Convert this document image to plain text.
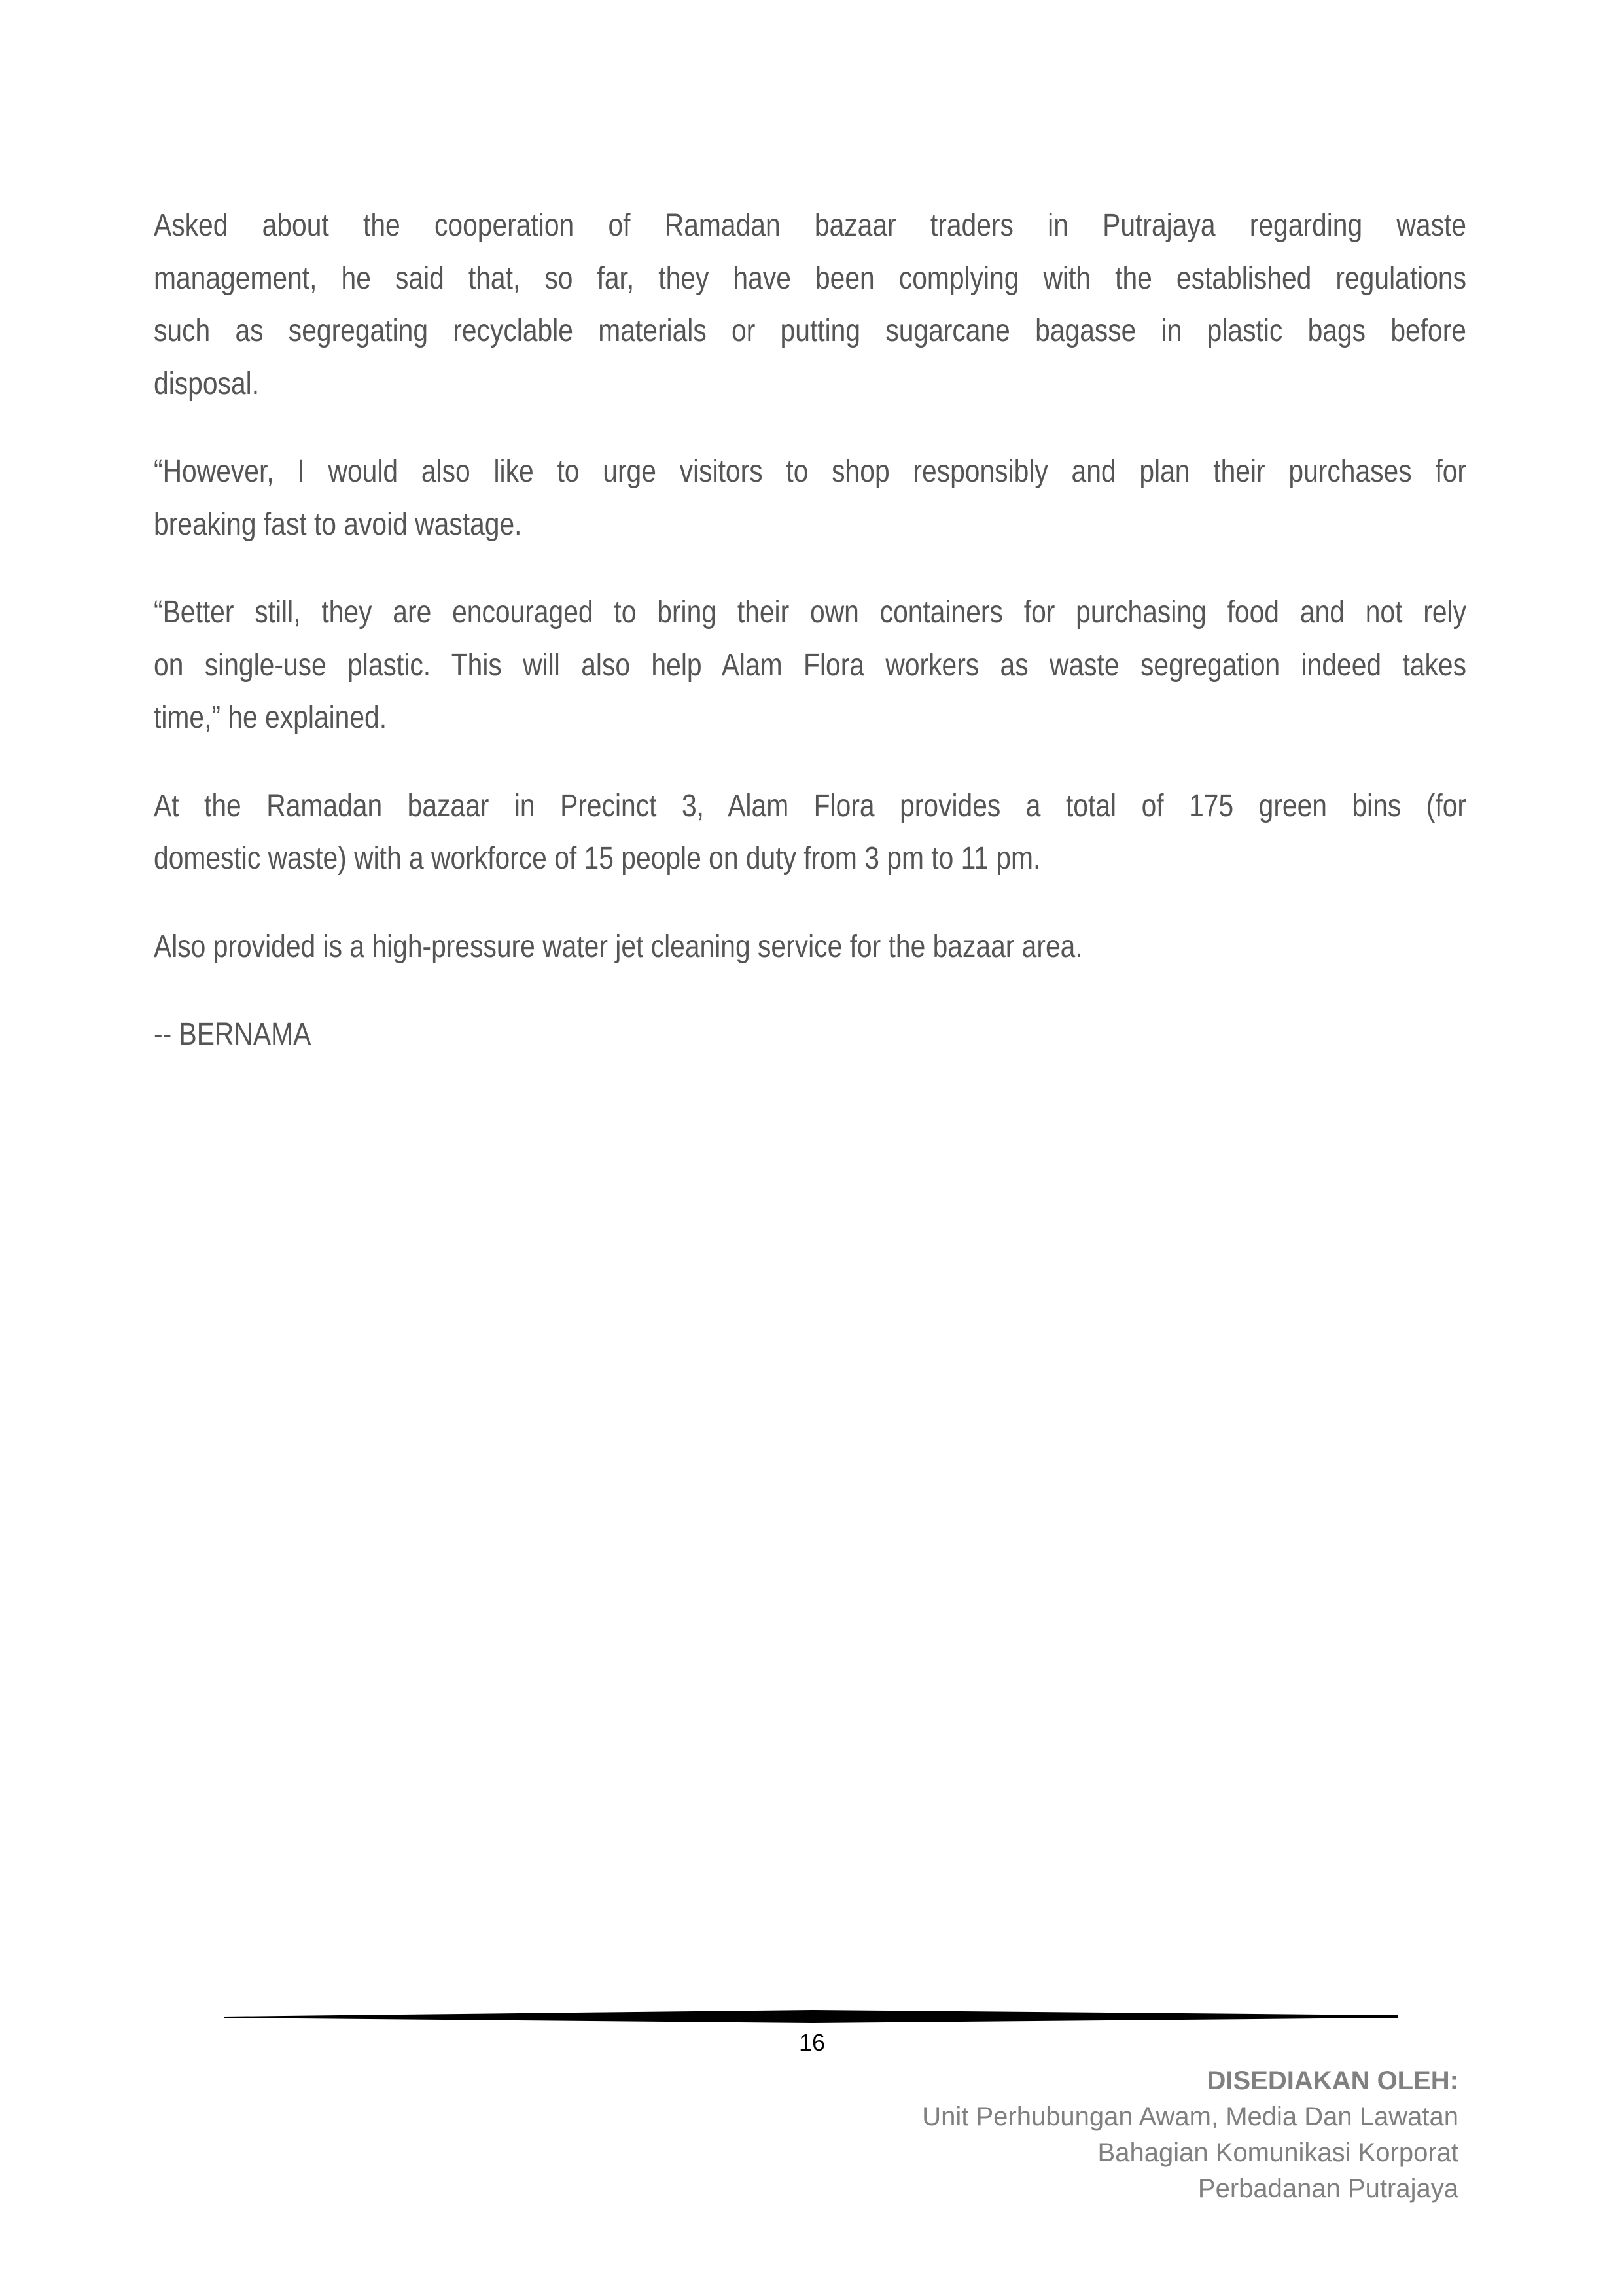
Asked about the cooperation of Ramadan bazaar traders in Putrajaya regarding waste
management, he said that, so far, they have been complying with the established regulations
such as segregating recyclable materials or putting sugarcane bagasse in plastic bags before
disposal.
“However, I would also like to urge visitors to shop responsibly and plan their purchases for
breaking fast to avoid wastage.
“Better still, they are encouraged to bring their own containers for purchasing food and not rely
on single-use plastic. This will also help Alam Flora workers as waste segregation indeed takes
time,” he explained.
At the Ramadan bazaar in Precinct 3, Alam Flora provides a total of 175 green bins (for
domestic waste) with a workforce of 15 people on duty from 3 pm to 11 pm.
Also provided is a high-pressure water jet cleaning service for the bazaar area.
-- BERNAMA
16
DISEDIAKAN OLEH:
Unit Perhubungan Awam, Media Dan Lawatan
Bahagian Komunikasi Korporat
Perbadanan Putrajaya
